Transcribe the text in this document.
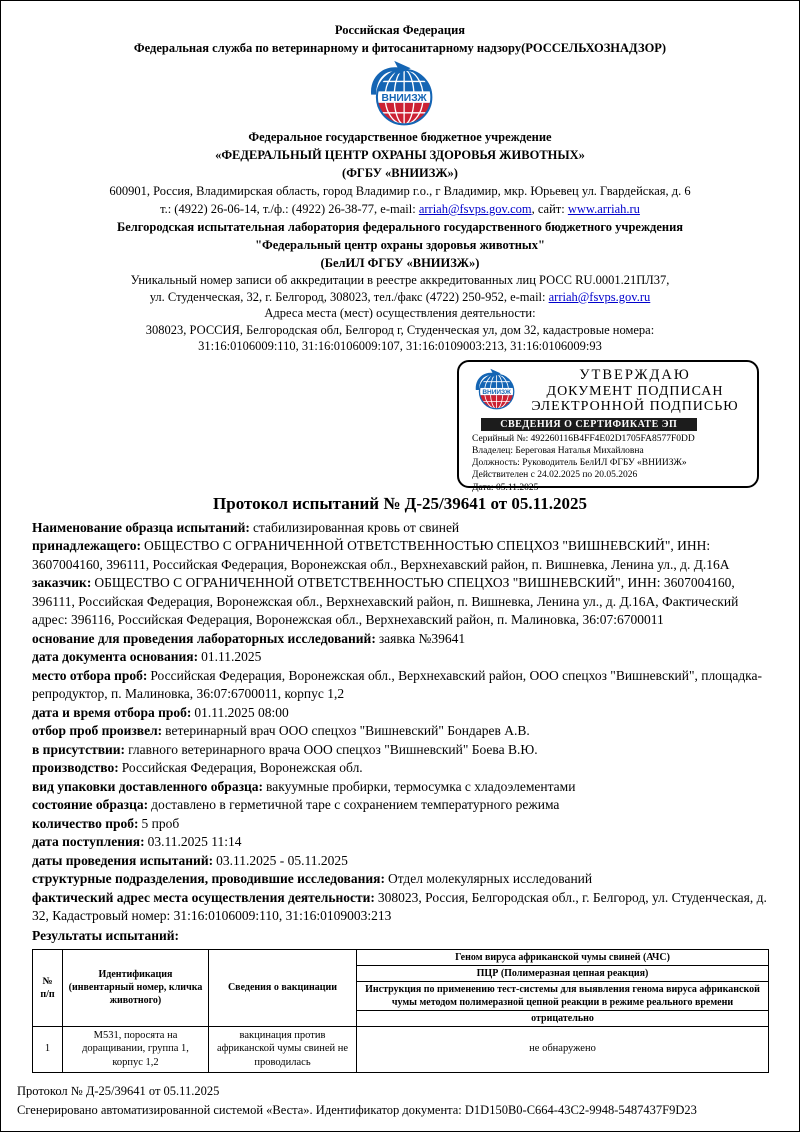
Российская Федерация
Федеральная служба по ветеринарному и фитосанитарному надзору(РОССЕЛЬХОЗНАДЗОР)
ВНИИЗЖ
Федеральное государственное бюджетное учреждение
«ФЕДЕРАЛЬНЫЙ ЦЕНТР ОХРАНЫ ЗДОРОВЬЯ ЖИВОТНЫХ»
(ФГБУ «ВНИИЗЖ»)
600901, Россия, Владимирская область, город Владимир г.о., г Владимир, мкр. Юрьевец ул. Гвардейская, д. 6
т.: (4922) 26-06-14, т./ф.: (4922) 26-38-77, e-mail: arriah@fsvps.gov.com, сайт: www.arriah.ru
Белгородская испытательная лаборатория федерального государственного бюджетного учреждения
"Федеральный центр охраны здоровья животных"
(БелИЛ ФГБУ «ВНИИЗЖ»)
Уникальный номер записи об аккредитации в реестре аккредитованных лиц РОСС RU.0001.21ПЛ37,
ул. Студенческая, 32, г. Белгород, 308023, тел./факс (4722) 250-952, e-mail: arriah@fsvps.gov.ru
Адреса места (мест) осуществления деятельности:
308023, РОССИЯ, Белгородская обл, Белгород г, Студенческая ул, дом 32, кадастровые номера:
31:16:0106009:110, 31:16:0106009:107, 31:16:0109003:213, 31:16:0106009:93
ВНИИЗЖ
УТВЕРЖДАЮ
ДОКУМЕНТ ПОДПИСАН
ЭЛЕКТРОННОЙ ПОДПИСЬЮ
СВЕДЕНИЯ О СЕРТИФИКАТЕ ЭП
Серийный №: 492260116B4FF4E02D1705FA8577F0DD
Владелец: Береговая Наталья Михайловна
Должность: Руководитель БелИЛ ФГБУ «ВНИИЗЖ»
Действителен с 24.02.2025 по 20.05.2026
Дата: 05.11.2025
Протокол испытаний № Д-25/39641 от 05.11.2025

Наименование образца испытаний: стабилизированная кровь от свиней

принадлежащего: ОБЩЕСТВО С ОГРАНИЧЕННОЙ ОТВЕТСТВЕННОСТЬЮ СПЕЦХОЗ "ВИШНЕВСКИЙ", ИНН: 3607004160, 396111, Российская Федерация, Воронежская обл., Верхнехавский район, п. Вишневка, Ленина ул., д. Д.16А

заказчик: ОБЩЕСТВО С ОГРАНИЧЕННОЙ ОТВЕТСТВЕННОСТЬЮ СПЕЦХОЗ "ВИШНЕВСКИЙ", ИНН: 3607004160, 396111, Российская Федерация, Воронежская обл., Верхнехавский район, п. Вишневка, Ленина ул., д. Д.16А, Фактический адрес: 396116, Российская Федерация, Воронежская обл., Верхнехавский район, п. Малиновка, 36:07:6700011

основание для проведения лабораторных исследований: заявка №39641

дата документа основания: 01.11.2025

место отбора проб: Российская Федерация, Воронежская обл., Верхнехавский район, ООО спецхоз "Вишневский", площадка-репродуктор, п. Малиновка, 36:07:6700011, корпус 1,2

дата и время отбора проб: 01.11.2025 08:00

отбор проб произвел: ветеринарный врач ООО спецхоз "Вишневский" Бондарев А.В.

в присутствии: главного ветеринарного врача ООО спецхоз "Вишневский" Боева В.Ю.

производство: Российская Федерация, Воронежская обл.

вид упаковки доставленного образца: вакуумные пробирки, термосумка с хладоэлементами

состояние образца: доставлено в герметичной таре с сохранением температурного режима

количество проб: 5 проб

дата поступления: 03.11.2025 11:14

даты проведения испытаний: 03.11.2025 - 05.11.2025

структурные подразделения, проводившие исследования: Отдел молекулярных исследований

фактический адрес места осуществления деятельности: 308023, Россия, Белгородская обл., г. Белгород, ул. Студенческая, д. 32, Кадастровый номер: 31:16:0106009:110, 31:16:0109003:213

Результаты испытаний:

№
п/п	Идентификация (инвентарный номер, кличка животного)	Сведения о вакцинации	Геном вируса африканской чумы свиней (АЧС)
			ПЦР (Полимеразная цепная реакция)
			Инструкция по применению тест-системы для выявления генома вируса африканской чумы методом полимеразной цепной реакции в режиме реального времени
			отрицательно
1	М531, поросята на доращивании, группа 1, корпус 1,2	вакцинация против африканской чумы свиней не проводилась	не обнаружено
Протокол № Д-25/39641 от 05.11.2025
Сгенерировано автоматизированной системой «Веста». Идентификатор документа: D1D150B0-C664-43C2-9948-5487437F9D23
